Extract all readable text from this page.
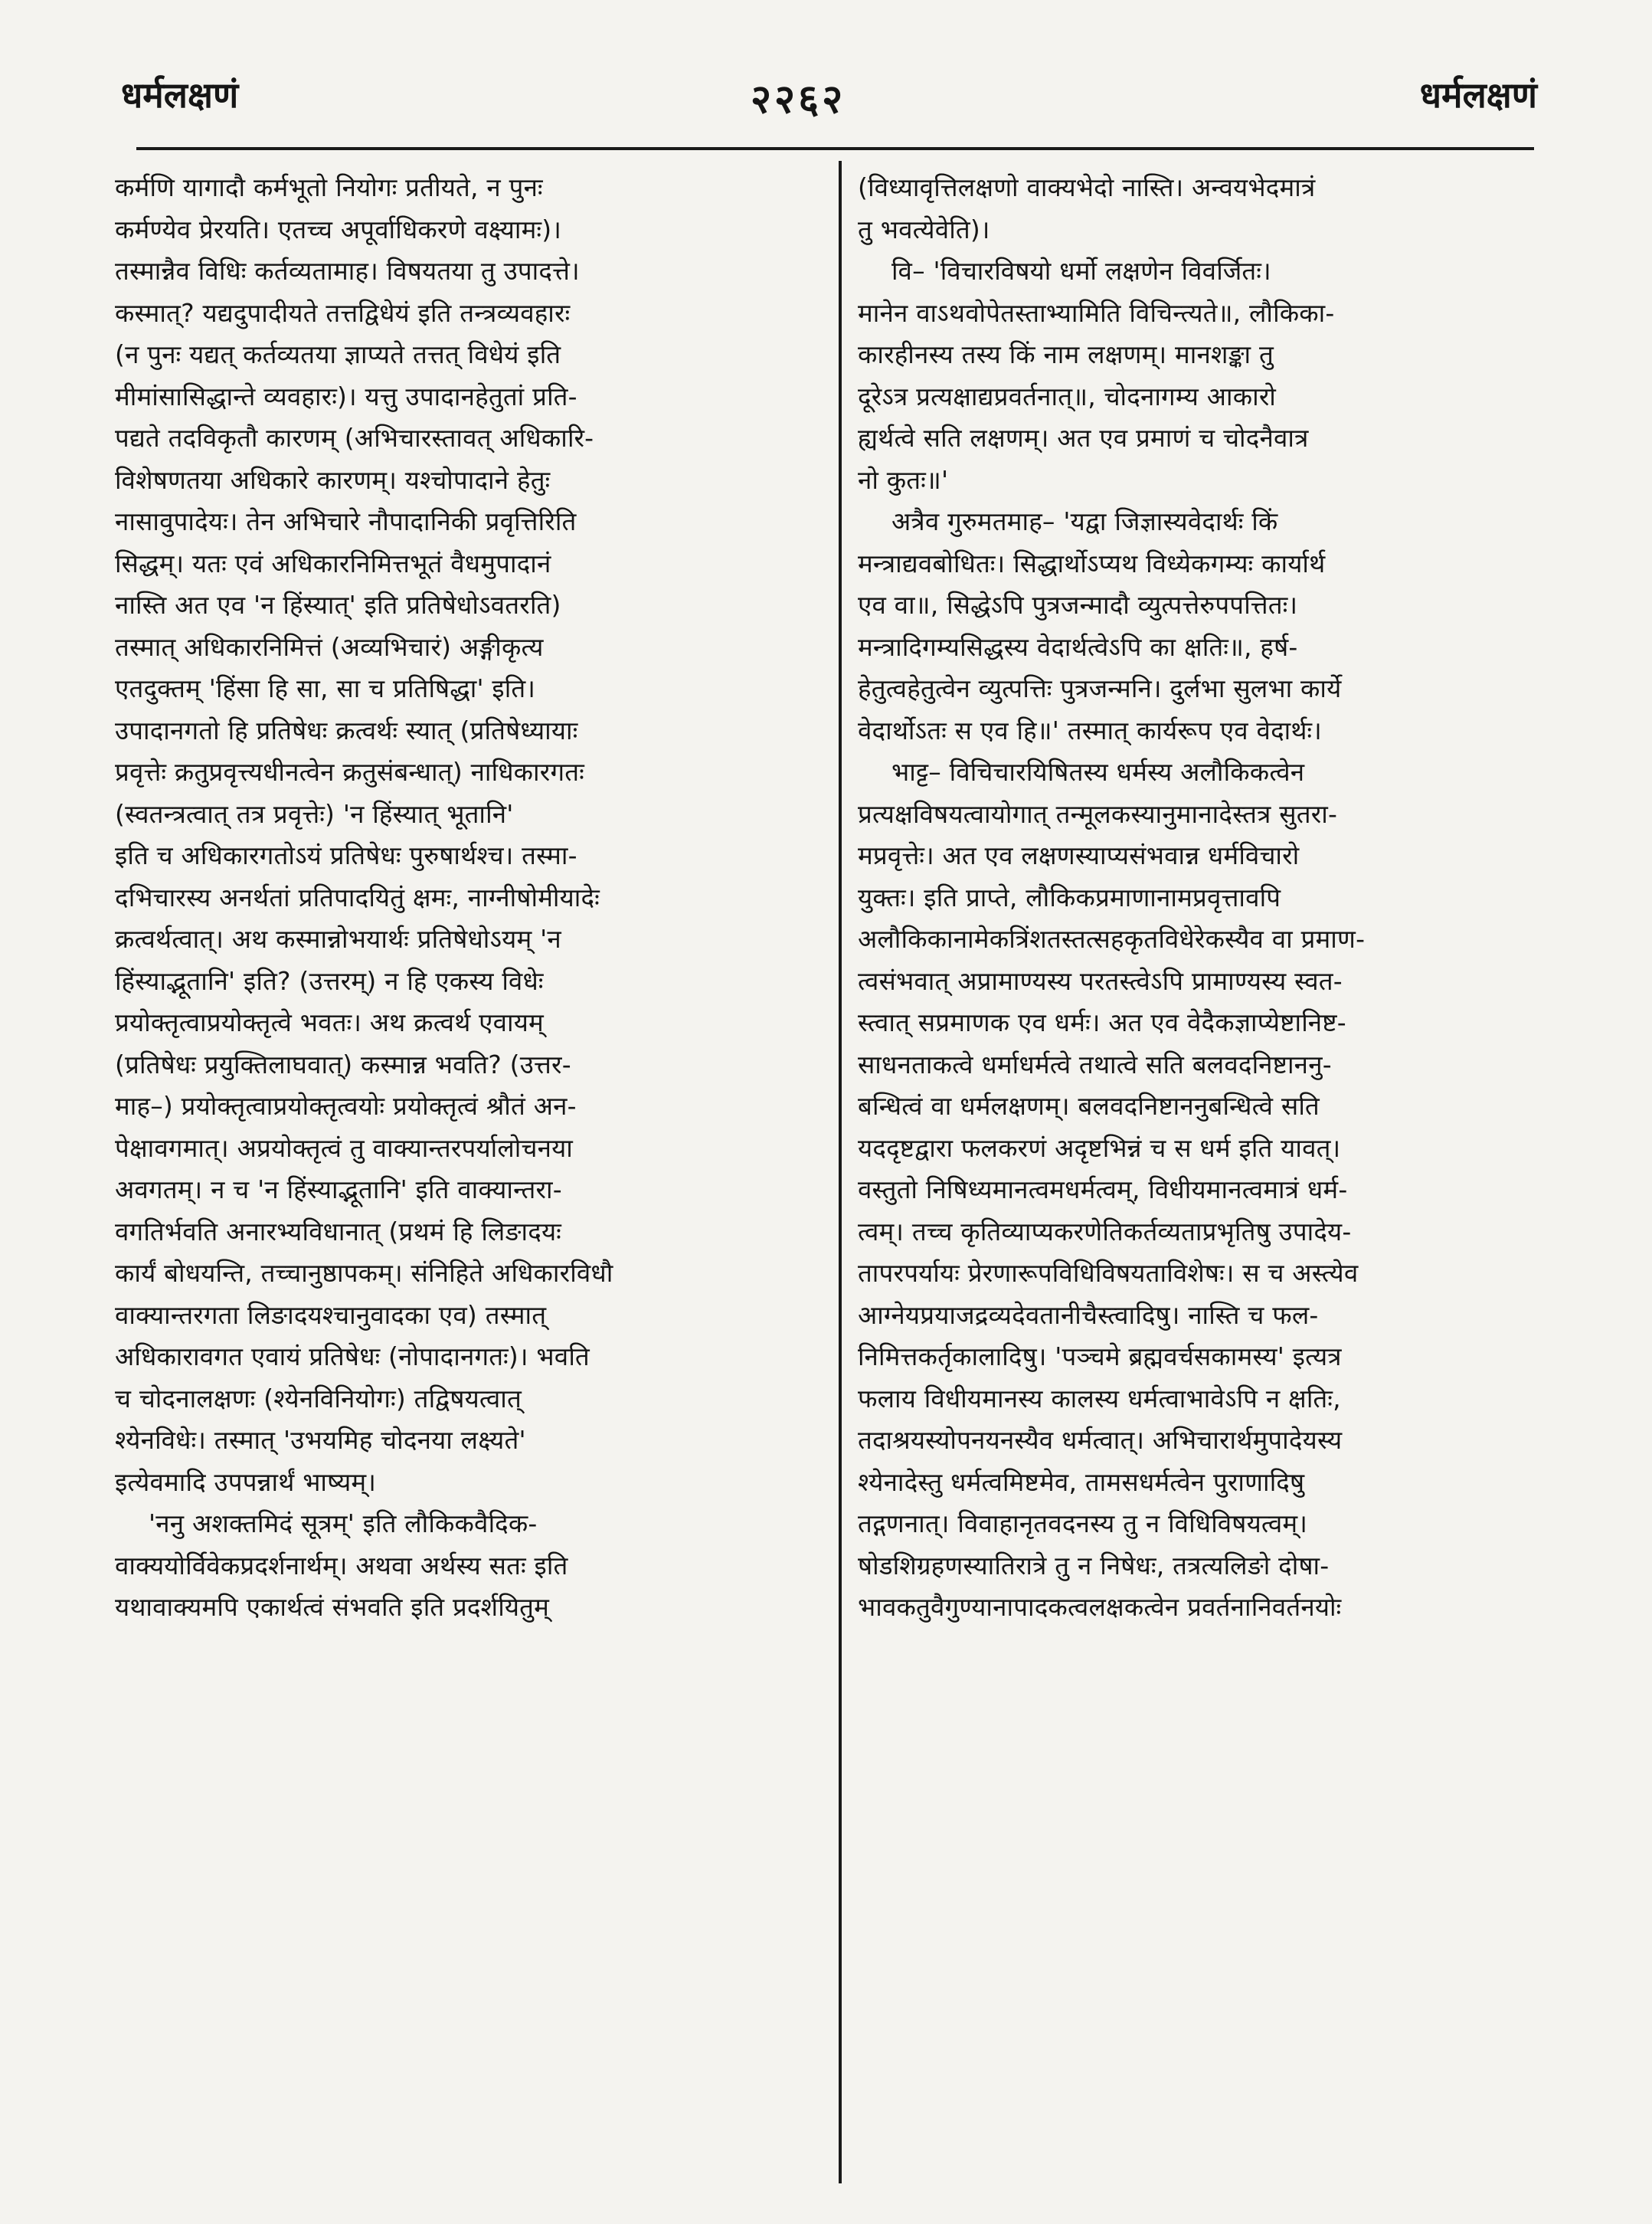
धर्मलक्षणं	२२६२	धर्मलक्षणं
कर्मणि यागादौ कर्मभूतो नियोगः प्रतीयते, न पुनः
कर्मण्येव प्रेरयति। एतच्च अपूर्वाधिकरणे वक्ष्यामः)।
तस्मान्नैव विधिः कर्तव्यतामाह। विषयतया तु उपादत्ते।
कस्मात्? यद्यदुपादीयते तत्तद्विधेयं इति तन्त्रव्यवहारः
(न पुनः यद्यत् कर्तव्यतया ज्ञाप्यते तत्तत् विधेयं इति
मीमांसासिद्धान्ते व्यवहारः)। यत्तु उपादानहेतुतां प्रति-
पद्यते तदविकृतौ कारणम् (अभिचारस्तावत् अधिकारि-
विशेषणतया अधिकारे कारणम्। यश्चोपादाने हेतुः
नासावुपादेयः। तेन अभिचारे नौपादानिकी प्रवृत्तिरिति
सिद्धम्। यतः एवं अधिकारनिमित्तभूतं वैधमुपादानं
नास्ति अत एव 'न हिंस्यात्' इति प्रतिषेधोऽवतरति)
तस्मात् अधिकारनिमित्तं (अव्यभिचारं) अङ्गीकृत्य
एतदुक्तम् 'हिंसा हि सा, सा च प्रतिषिद्धा' इति।
उपादानगतो हि प्रतिषेधः क्रत्वर्थः स्यात् (प्रतिषेध्यायाः
प्रवृत्तेः क्रतुप्रवृत्त्यधीनत्वेन क्रतुसंबन्धात्) नाधिकारगतः
(स्वतन्त्रत्वात् तत्र प्रवृत्तेः) 'न हिंस्यात् भूतानि'
इति च अधिकारगतोऽयं प्रतिषेधः पुरुषार्थश्च। तस्मा-
दभिचारस्य अनर्थतां प्रतिपादयितुं क्षमः, नाग्नीषोमीयादेः
क्रत्वर्थत्वात्। अथ कस्मान्नोभयार्थः प्रतिषेधोऽयम् 'न
हिंस्याद्भूतानि' इति? (उत्तरम्) न हि एकस्य विधेः
प्रयोक्तृत्वाप्रयोक्तृत्वे भवतः। अथ क्रत्वर्थ एवायम्
(प्रतिषेधः प्रयुक्तिलाघवात्) कस्मान्न भवति? (उत्तर-
माह–) प्रयोक्तृत्वाप्रयोक्तृत्वयोः प्रयोक्तृत्वं श्रौतं अन-
पेक्षावगमात्। अप्रयोक्तृत्वं तु वाक्यान्तरपर्यालोचनया
अवगतम्। न च 'न हिंस्याद्भूतानि' इति वाक्यान्तरा-
वगतिर्भवति अनारभ्यविधानात् (प्रथमं हि लिङादयः
कार्यं बोधयन्ति, तच्चानुष्ठापकम्। संनिहिते अधिकारविधौ
वाक्यान्तरगता लिङादयश्चानुवादका एव) तस्मात्
अधिकारावगत एवायं प्रतिषेधः (नोपादानगतः)। भवति
च चोदनालक्षणः (श्येनविनियोगः) तद्विषयत्वात्
श्येनविधेः। तस्मात् 'उभयमिह चोदनया लक्ष्यते'
इत्येवमादि उपपन्नार्थं भाष्यम्।
'ननु अशक्तमिदं सूत्रम्' इति लौकिकवैदिक-
वाक्ययोर्विवेकप्रदर्शनार्थम्। अथवा अर्थस्य सतः इति
यथावाक्यमपि एकार्थत्वं संभवति इति प्रदर्शयितुम्
(विध्यावृत्तिलक्षणो वाक्यभेदो नास्ति। अन्वयभेदमात्रं
तु भवत्येवेति)।
वि– 'विचारविषयो धर्मो लक्षणेन विवर्जितः।
मानेन वाऽथवोपेतस्ताभ्यामिति विचिन्त्यते॥, लौकिका-
कारहीनस्य तस्य किं नाम लक्षणम्। मानशङ्का तु
दूरेऽत्र प्रत्यक्षाद्यप्रवर्तनात्॥, चोदनागम्य आकारो
ह्यर्थत्वे सति लक्षणम्। अत एव प्रमाणं च चोदनैवात्र
नो कुतः॥'
अत्रैव गुरुमतमाह– 'यद्वा जिज्ञास्यवेदार्थः किं
मन्त्राद्यवबोधितः। सिद्धार्थोऽप्यथ विध्येकगम्यः कार्यार्थ
एव वा॥, सिद्धेऽपि पुत्रजन्मादौ व्युत्पत्तेरुपपत्तितः।
मन्त्रादिगम्यसिद्धस्य वेदार्थत्वेऽपि का क्षतिः॥, हर्ष-
हेतुत्वहेतुत्वेन व्युत्पत्तिः पुत्रजन्मनि। दुर्लभा सुलभा कार्ये
वेदार्थोऽतः स एव हि॥' तस्मात् कार्यरूप एव वेदार्थः।
भाट्ट– विचिचारयिषितस्य धर्मस्य अलौकिकत्वेन
प्रत्यक्षविषयत्वायोगात् तन्मूलकस्यानुमानादेस्तत्र सुतरा-
मप्रवृत्तेः। अत एव लक्षणस्याप्यसंभवान्न धर्मविचारो
युक्तः। इति प्राप्ते, लौकिकप्रमाणानामप्रवृत्तावपि
अलौकिकानामेकत्रिंशतस्तत्सहकृतविधेरेकस्यैव वा प्रमाण-
त्वसंभवात् अप्रामाण्यस्य परतस्त्वेऽपि प्रामाण्यस्य स्वत-
स्त्वात् सप्रमाणक एव धर्मः। अत एव वेदैकज्ञाप्येष्टानिष्ट-
साधनताकत्वे धर्माधर्मत्वे तथात्वे सति बलवदनिष्टाननु-
बन्धित्वं वा धर्मलक्षणम्। बलवदनिष्टाननुबन्धित्वे सति
यददृष्टद्वारा फलकरणं अदृष्टभिन्नं च स धर्म इति यावत्।
वस्तुतो निषिध्यमानत्वमधर्मत्वम्, विधीयमानत्वमात्रं धर्म-
त्वम्। तच्च कृतिव्याप्यकरणेतिकर्तव्यताप्रभृतिषु उपादेय-
तापरपर्यायः प्रेरणारूपविधिविषयताविशेषः। स च अस्त्येव
आग्नेयप्रयाजद्रव्यदेवतानीचैस्त्वादिषु। नास्ति च फल-
निमित्तकर्तृकालादिषु। 'पञ्चमे ब्रह्मवर्चसकामस्य' इत्यत्र
फलाय विधीयमानस्य कालस्य धर्मत्वाभावेऽपि न क्षतिः,
तदाश्रयस्योपनयनस्यैव धर्मत्वात्। अभिचारार्थमुपादेयस्य
श्येनादेस्तु धर्मत्वमिष्टमेव, तामसधर्मत्वेन पुराणादिषु
तद्गणनात्। विवाहानृतवदनस्य तु न विधिविषयत्वम्।
षोडशिग्रहणस्यातिरात्रे तु न निषेधः, तत्रत्यलिङो दोषा-
भावकतुवैगुण्यानापादकत्वलक्षकत्वेन प्रवर्तनानिवर्तनयोः
